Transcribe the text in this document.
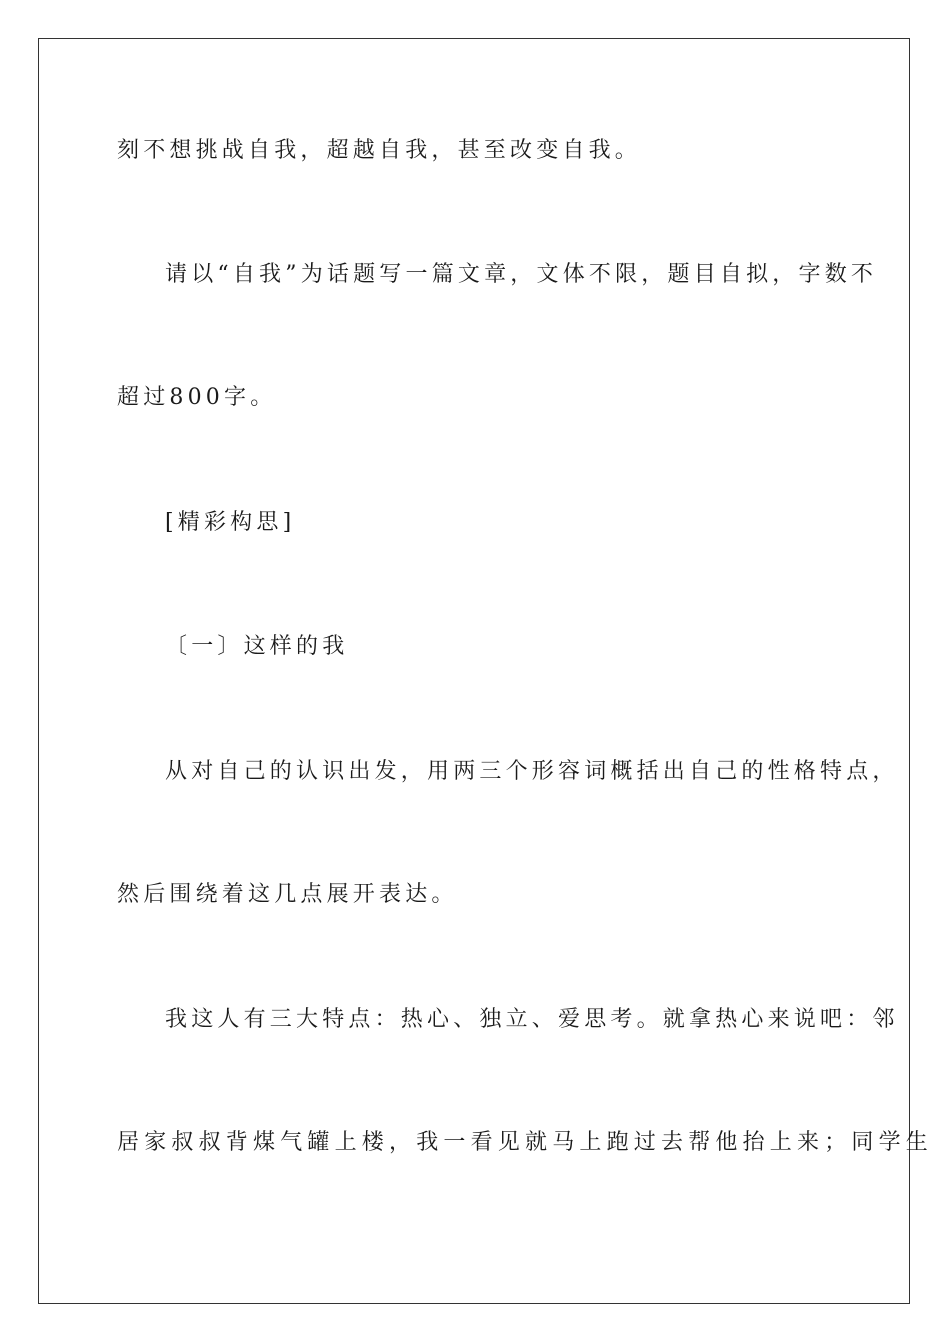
刻不想挑战自我，超越自我，甚至改变自我。
请以“自我”为话题写一篇文章，文体不限，题目自拟，字数不
超过800字。
[精彩构思]
〔一〕这样的我
从对自己的认识出发，用两三个形容词概括出自己的性格特点，
然后围绕着这几点展开表达。
我这人有三大特点：热心、独立、爱思考。就拿热心来说吧：邻
居家叔叔背煤气罐上楼，我一看见就马上跑过去帮他抬上来；同学生
